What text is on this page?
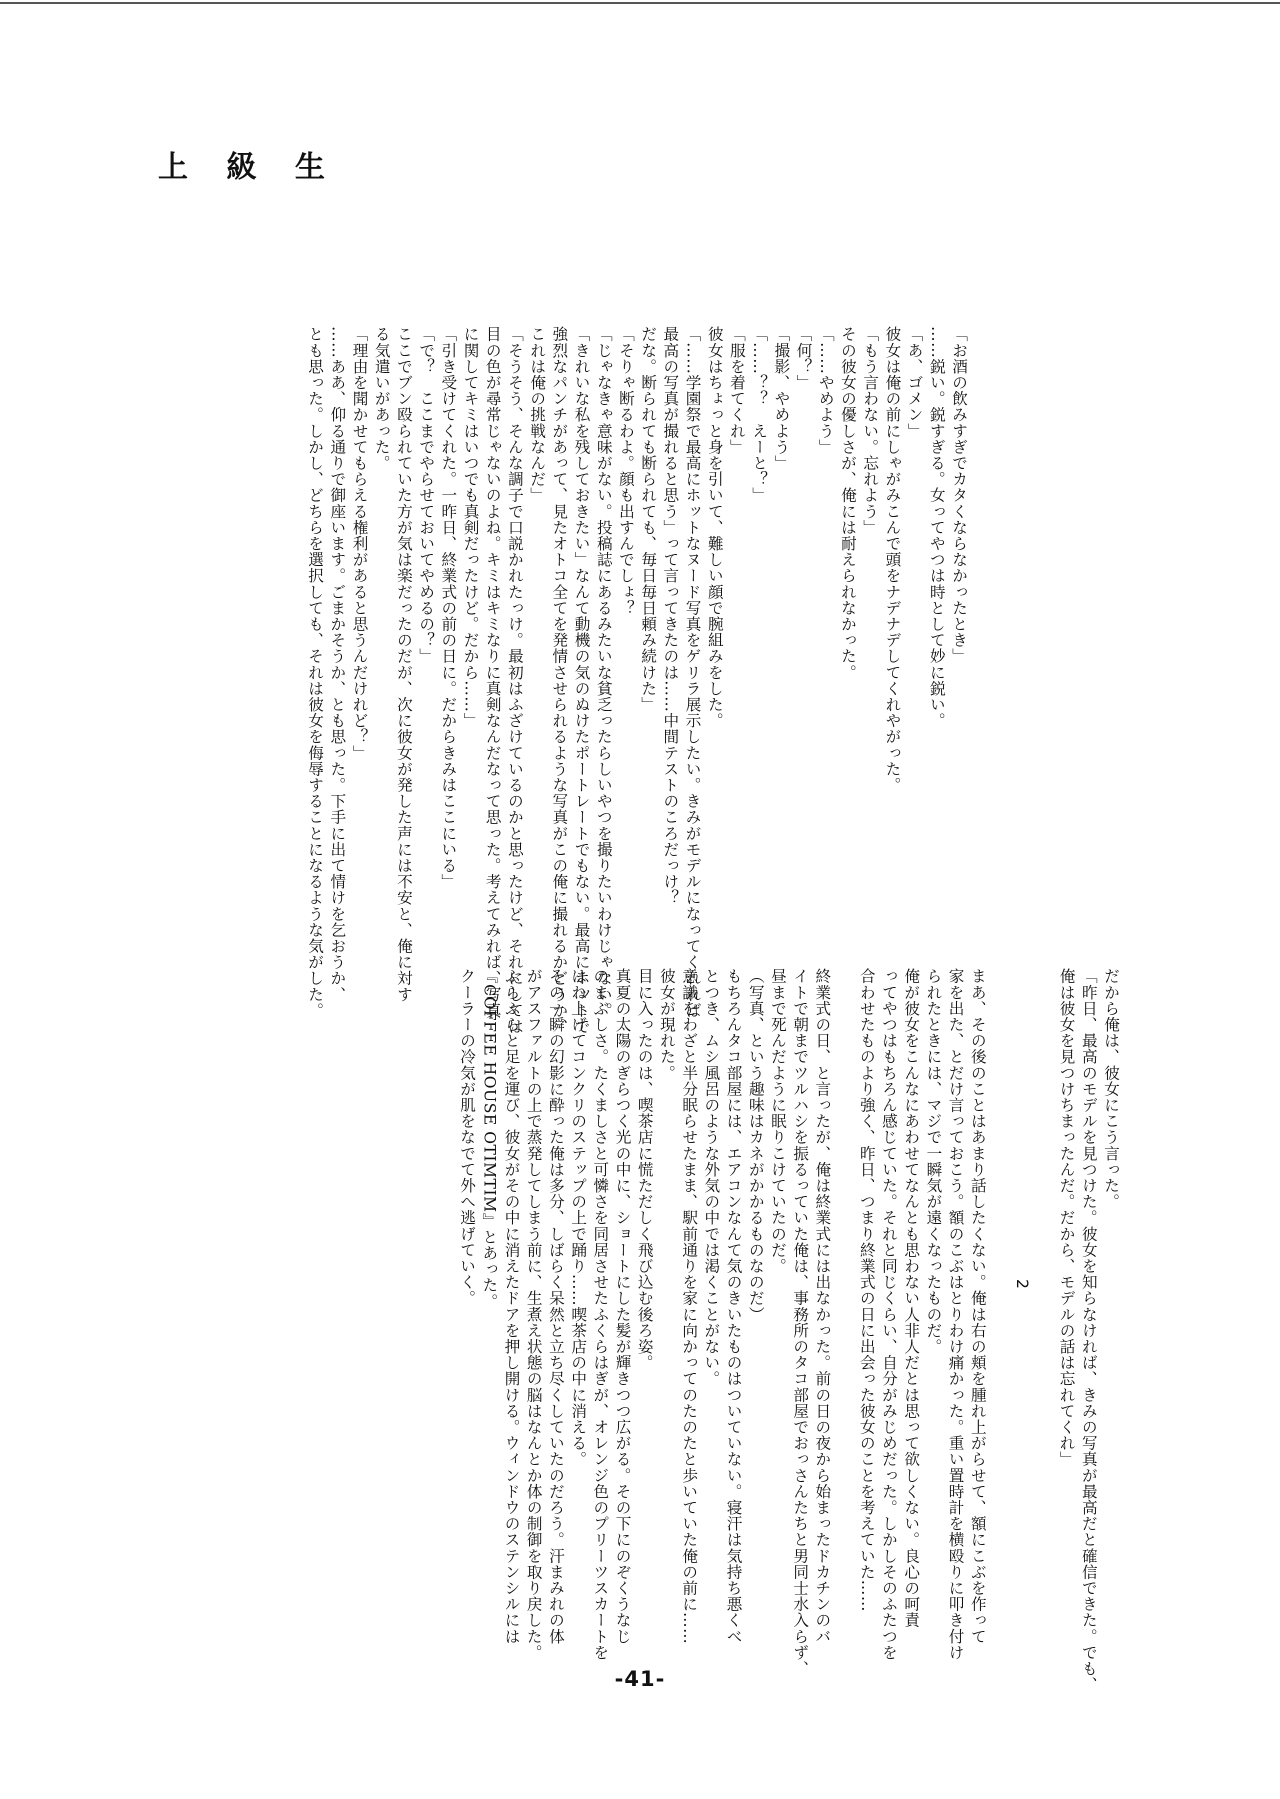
上 級 生

「お酒の飲みすぎでカタくならなかったとき」

……鋭い。鋭すぎる。女ってやつは時として妙に鋭い。

「あ、ゴメン」

彼女は俺の前にしゃがみこんで頭をナデナデしてくれやがった。

「もう言わない。忘れよう」

その彼女の優しさが、俺には耐えられなかった。

「……やめよう」

「何？」

「撮影、やめよう」

「……？？　えーと？」

「服を着てくれ」

彼女はちょっと身を引いて、難しい顔で腕組みをした。

「……学園祭で最高にホットなヌード写真をゲリラ展示したい。きみがモデルになってくれれば

最高の写真が撮れると思う」って言ってきたのは……中間テストのころだっけ？

だな。断られても断られても、毎日毎日頼み続けた」

「そりゃ断るわよ。顔も出すんでしょ？

「じゃなきゃ意味がない。投稿誌にあるみたいな貧乏ったらしいやつを撮りたいわけじゃない。

「きれいな私を残しておきたい」なんて動機の気のぬけたポートレートでもない。最高にホットで

強烈なパンチがあって、見たオトコ全てを発情させられるような写真がこの俺に撮れるかどうか、

これは俺の挑戦なんだ」

「そうそう、そんな調子で口説かれたっけ。最初はふざけているのかと思ったけど、それにしては

目の色が尋常じゃないのよね。キミはキミなりに真剣なんだなって思った。考えてみれば、写真

に関してキミはいつでも真剣だったけど。だから……」

「引き受けてくれた。一昨日、終業式の前の日に。だからきみはここにいる」

「で？　ここまでやらせておいてやめるの？」

ここでブン殴られていた方が気は楽だったのだが、次に彼女が発した声には不安と、俺に対す

る気遣いがあった。

「理由を聞かせてもらえる権利があると思うんだけれど？」

……ああ、仰る通りで御座います。ごまかそうか、とも思った。下手に出て情けを乞おうか、

とも思った。しかし、どちらを選択しても、それは彼女を侮辱することになるような気がした。

だから俺は、彼女にこう言った。

「昨日、最高のモデルを見つけた。彼女を知らなければ、きみの写真が最高だと確信できた。でも、

俺は彼女を見つけちまったんだ。だから、モデルの話は忘れてくれ」

2

まあ、その後のことはあまり話したくない。俺は右の頬を腫れ上がらせて、額にこぶを作って

家を出た、とだけ言っておこう。額のこぶはとりわけ痛かった。重い置時計を横殴りに叩き付け

られたときには、マジで一瞬気が遠くなったものだ。

俺が彼女をこんなにあわせてなんとも思わない人非人だとは思って欲しくない。良心の呵責

ってやつはもちろん感じていた。それと同じくらい、自分がみじめだった。しかしそのふたつを

合わせたものより強く、昨日、つまり終業式の日に出会った彼女のことを考えていた……

終業式の日、と言ったが、俺は終業式には出なかった。前の日の夜から始まったドカチンのバ

イトで朝までツルハシを振るっていた俺は、事務所のタコ部屋でおっさんたちと男同士水入らず、

昼まで死んだように眠りこけていたのだ。

（写真、という趣味はカネがかかるものなのだ）

もちろんタコ部屋には、エアコンなんて気のきいたものはついていない。寝汗は気持ち悪くべ

とつき、ムシ風呂のような外気の中では渇くことがない。

意識をわざと半分眠らせたまま、駅前通りを家に向かってのたのたと歩いていた俺の前に……

彼女が現れた。

目に入ったのは、喫茶店に慌ただしく飛び込む後ろ姿。

真夏の太陽のぎらつく光の中に、ショートにした髪が輝きつつ広がる。その下にのぞくうなじ

のまぶしさ。たくましさと可憐さを同居させたふくらはぎが、オレンジ色のプリーツスカートを

はね上げてコンクリのステップの上で踊り……喫茶店の中に消える。

その一瞬の幻影に酔った俺は多分、しばらく呆然と立ち尽くしていたのだろう。汗まみれの体

がアスファルトの上で蒸発してしまう前に、生煮え状態の脳はなんとか体の制御を取り戻した。

ふらふらと足を運び、彼女がその中に消えたドアを押し開ける。ウィンドウのステンシルには

『COFFEE HOUSE OTIMTIM』とあった。

クーラーの冷気が肌をなでて外へ逃げていく。

-41-
